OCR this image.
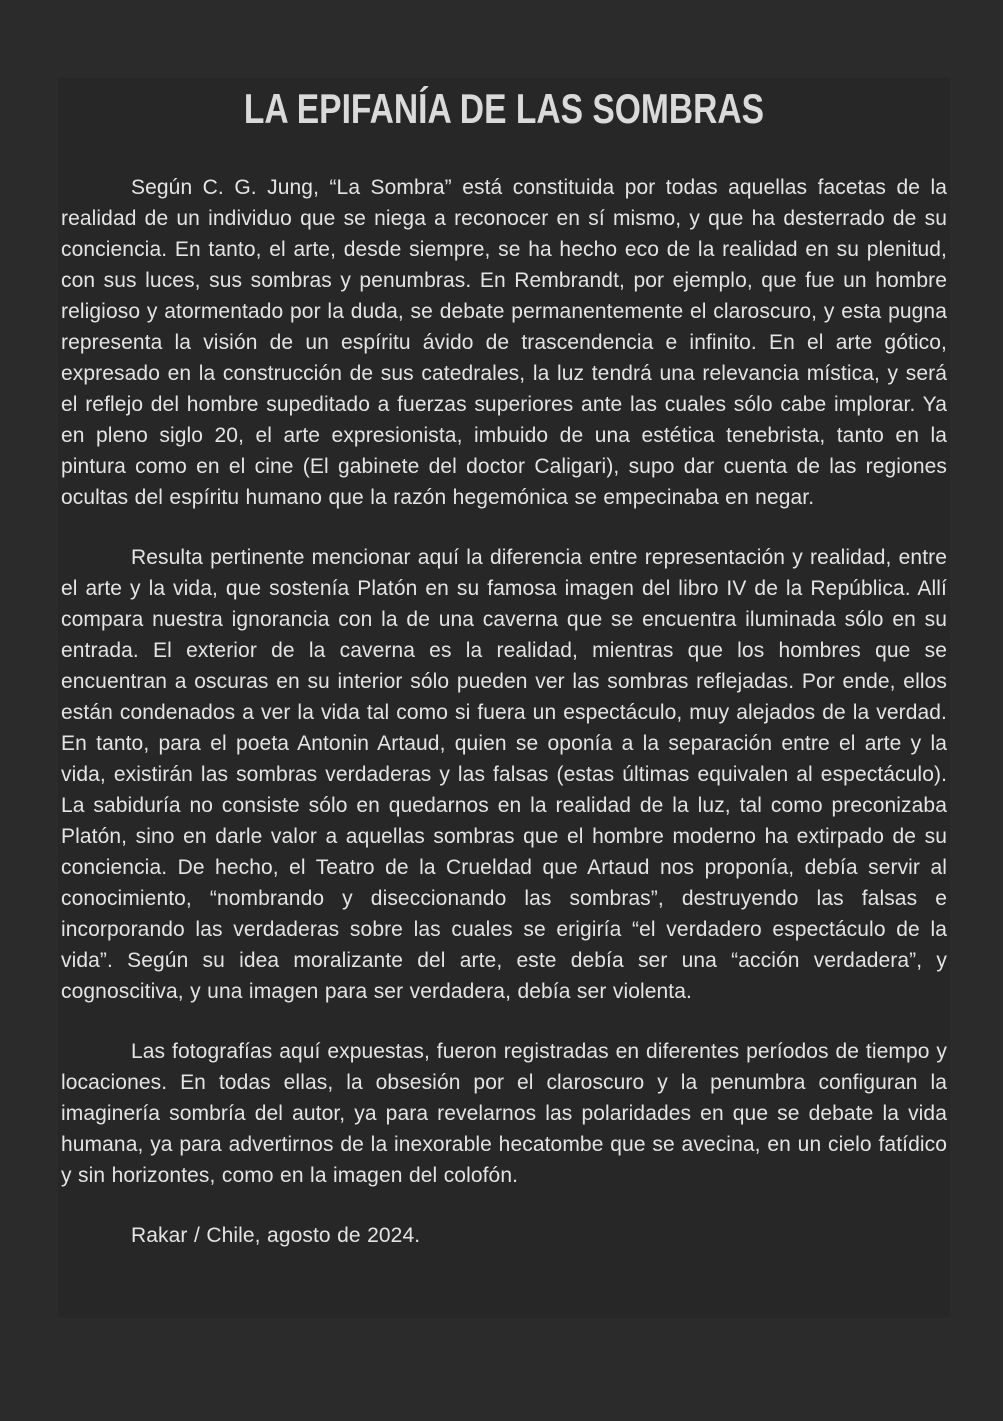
LA EPIFANÍA DE LAS SOMBRAS

Según C. G. Jung, “La Sombra” está constituida por todas aquellas facetas de la realidad de un individuo que se niega a reconocer en sí mismo, y que ha desterrado de su conciencia. En tanto, el arte, desde siempre, se ha hecho eco de la realidad en su plenitud, con sus luces, sus sombras y penumbras. En Rembrandt, por ejemplo, que fue un hombre religioso y atormentado por la duda, se debate permanentemente el claroscuro, y esta pugna representa la visión de un espíritu ávido de trascendencia e infinito. En el arte gótico, expresado en la construcción de sus catedrales, la luz tendrá una relevancia mística, y será el reflejo del hombre supeditado a fuerzas superiores ante las cuales sólo cabe implorar. Ya en pleno siglo 20, el arte expresionista, imbuido de una estética tenebrista, tanto en la pintura como en el cine (El gabinete del doctor Caligari), supo dar cuenta de las regiones ocultas del espíritu humano que la razón hegemónica se empecinaba en negar.

Resulta pertinente mencionar aquí la diferencia entre representación y realidad, entre el arte y la vida, que sostenía Platón en su famosa imagen del libro IV de la República. Allí compara nuestra ignorancia con la de una caverna que se encuentra iluminada sólo en su entrada. El exterior de la caverna es la realidad, mientras que los hombres que se encuentran a oscuras en su interior sólo pueden ver las sombras reflejadas. Por ende, ellos están condenados a ver la vida tal como si fuera un espectáculo, muy alejados de la verdad. En tanto, para el poeta Antonin Artaud, quien se oponía a la separación entre el arte y la vida, existirán las sombras verdaderas y las falsas (estas últimas equivalen al espectáculo). La sabiduría no consiste sólo en quedarnos en la realidad de la luz, tal como preconizaba Platón, sino en darle valor a aquellas sombras que el hombre moderno ha extirpado de su conciencia. De hecho, el Teatro de la Crueldad que Artaud nos proponía, debía servir al conocimiento, “nombrando y diseccionando las sombras”, destruyendo las falsas e incorporando las verdaderas sobre las cuales se erigiría “el verdadero espectáculo de la vida”. Según su idea moralizante del arte, este debía ser una “acción verdadera”, y cognoscitiva, y una imagen para ser verdadera, debía ser violenta.

Las fotografías aquí expuestas, fueron registradas en diferentes períodos de tiempo y locaciones. En todas ellas, la obsesión por el claroscuro y la penumbra configuran la imaginería sombría del autor, ya para revelarnos las polaridades en que se debate la vida humana, ya para advertirnos de la inexorable hecatombe que se avecina, en un cielo fatídico y sin horizontes, como en la imagen del colofón.

Rakar / Chile, agosto de 2024.
